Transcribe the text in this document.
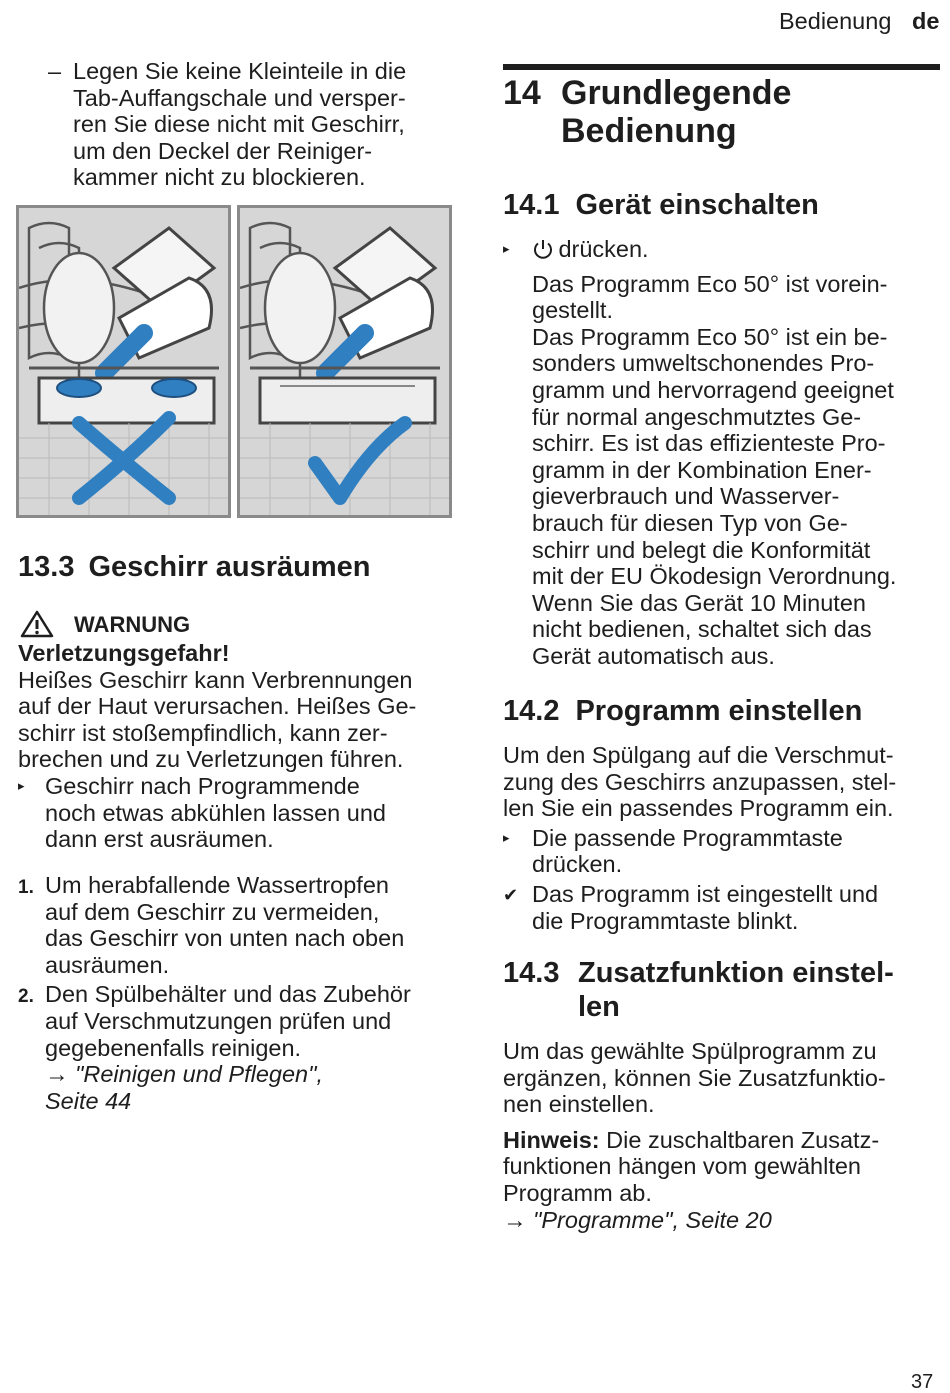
Bedienung de
– Legen Sie keine Kleinteile in die
Tab-Auffangschale und versper-
ren Sie diese nicht mit Geschirr,
um den Deckel der Reiniger-
kammer nicht zu blockieren.
13.3 Geschirr ausräumen
WARNUNG
Verletzungsgefahr!
Heißes Geschirr kann Verbrennungen
auf der Haut verursachen. Heißes Ge-
schirr ist stoßempfindlich, kann zer-
brechen und zu Verletzungen führen.
▸ Geschirr nach Programmende
noch etwas abkühlen lassen und
dann erst ausräumen.
1. Um herabfallende Wassertropfen
auf dem Geschirr zu vermeiden,
das Geschirr von unten nach oben
ausräumen.
2. Den Spülbehälter und das Zubehör
auf Verschmutzungen prüfen und
gegebenenfalls reinigen.
→ "Reinigen und Pflegen",
Seite 44
14 Grundlegende
Bedienung
14.1 Gerät einschalten
▸ drücken.
Das Programm Eco 50° ist vorein-
gestellt.
Das Programm Eco 50° ist ein be-
sonders umweltschonendes Pro-
gramm und hervorragend geeignet
für normal angeschmutztes Ge-
schirr. Es ist das effizienteste Pro-
gramm in der Kombination Ener-
gieverbrauch und Wasserver-
brauch für diesen Typ von Ge-
schirr und belegt die Konformität
mit der EU Ökodesign Verordnung.
Wenn Sie das Gerät 10 Minuten
nicht bedienen, schaltet sich das
Gerät automatisch aus.
14.2 Programm einstellen
Um den Spülgang auf die Verschmut-
zung des Geschirrs anzupassen, stel-
len Sie ein passendes Programm ein.
▸ Die passende Programmtaste
drücken.
✔ Das Programm ist eingestellt und
die Programmtaste blinkt.
14.3 Zusatzfunktion einstel-
len
Um das gewählte Spülprogramm zu
ergänzen, können Sie Zusatzfunktio-
nen einstellen.
Hinweis: Die zuschaltbaren Zusatz-
funktionen hängen vom gewählten
Programm ab.
→ "Programme", Seite 20
37
